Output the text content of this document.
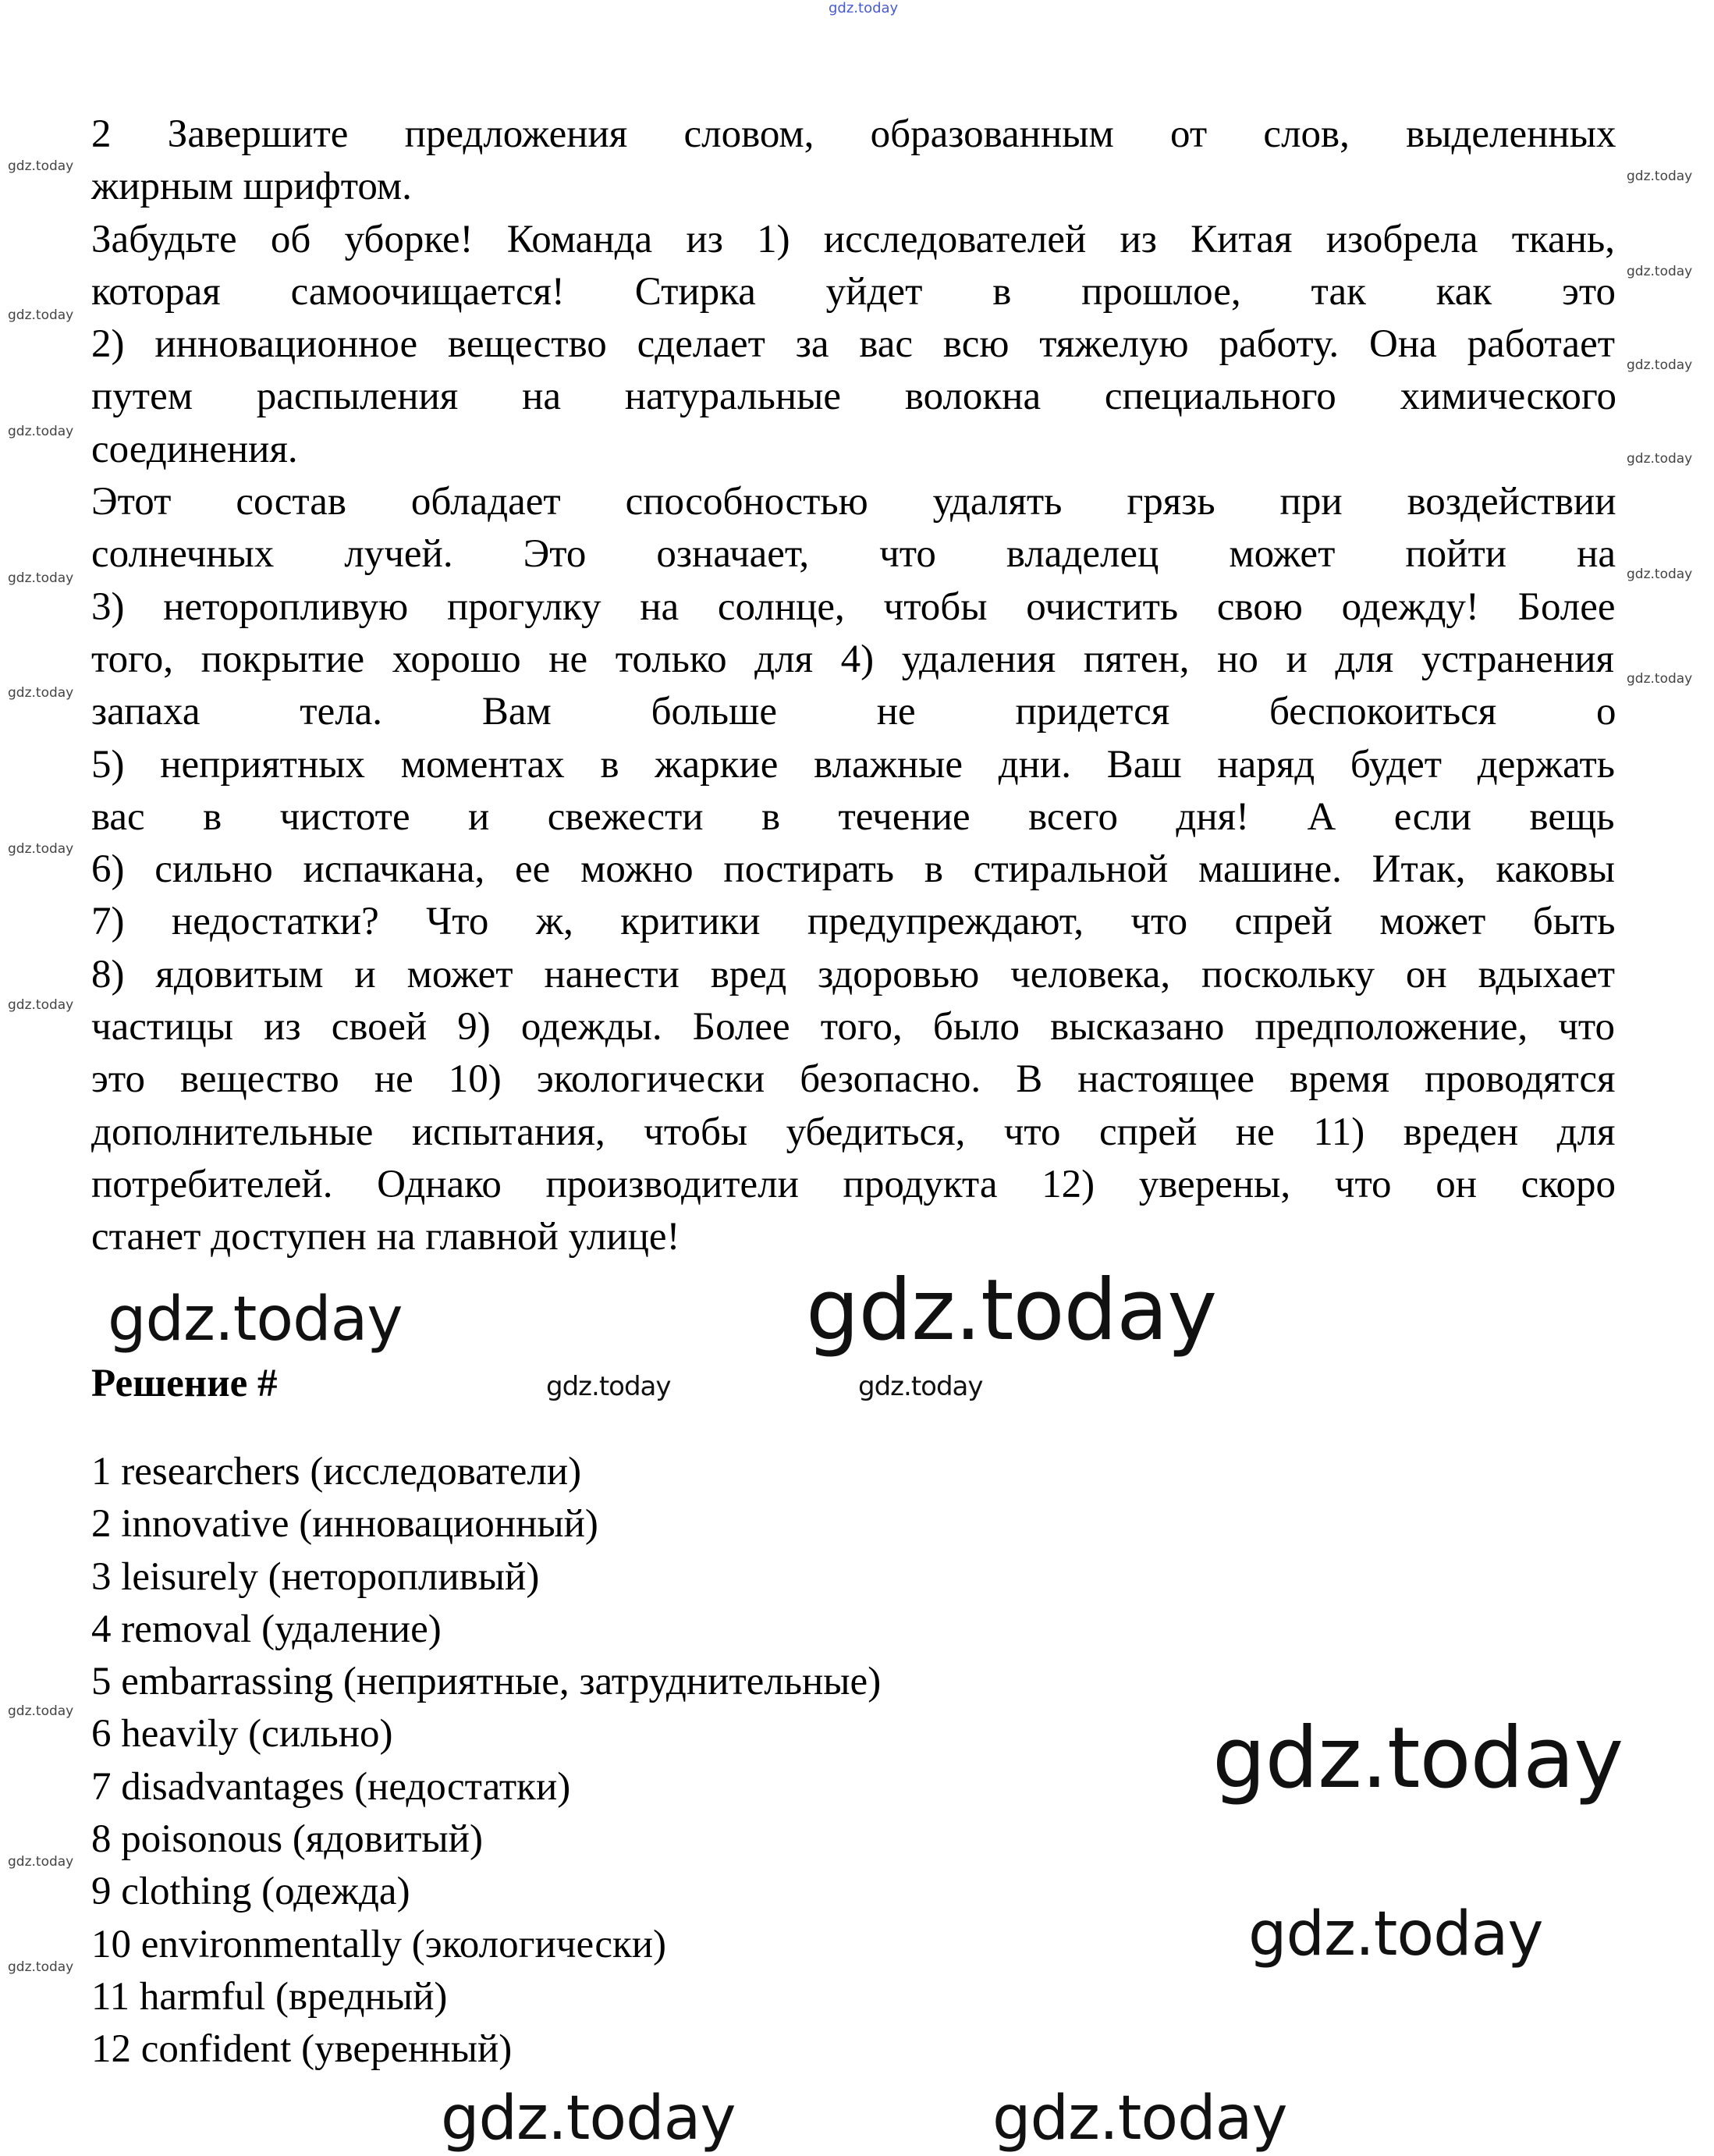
gdz.today
2 Завершите предложения словом, образованным от слов, выделенных
жирным шрифтом.
Забудьте об уборке! Команда из 1) исследователей из Китая изобрела ткань,
которая самоочищается! Стирка уйдет в прошлое, так как это
2) инновационное вещество сделает за вас всю тяжелую работу. Она работает
путем распыления на натуральные волокна специального химического
соединения.
Этот состав обладает способностью удалять грязь при воздействии
солнечных лучей. Это означает, что владелец может пойти на
3) неторопливую прогулку на солнце, чтобы очистить свою одежду! Более
того, покрытие хорошо не только для 4) удаления пятен, но и для устранения
запаха тела. Вам больше не придется беспокоиться о
5) неприятных моментах в жаркие влажные дни. Ваш наряд будет держать
вас в чистоте и свежести в течение всего дня! А если вещь
6) сильно испачкана, ее можно постирать в стиральной машине. Итак, каковы
7) недостатки? Что ж, критики предупреждают, что спрей может быть
8) ядовитым и может нанести вред здоровью человека, поскольку он вдыхает
частицы из своей 9) одежды. Более того, было высказано предположение, что
это вещество не 10) экологически безопасно. В настоящее время проводятся
дополнительные испытания, чтобы убедиться, что спрей не 11) вреден для
потребителей. Однако производители продукта 12) уверены, что он скоро
станет доступен на главной улице!
Решение #
1 researchers (исследователи)
2 innovative (инновационный)
3 leisurely (неторопливый)
4 removal (удаление)
5 embarrassing (неприятные, затруднительные)
6 heavily (сильно)
7 disadvantages (недостатки)
8 poisonous (ядовитый)
9 clothing (одежда)
10 environmentally (экологически)
11 harmful (вредный)
12 confident (уверенный)
gdz.today
gdz.today
gdz.today
gdz.today
gdz.today	gdz.today
gdz.today	gdz.today
gdz.today
gdz.today
gdz.today
gdz.today
gdz.today
gdz.today
gdz.today
gdz.today
gdz.today
gdz.today
gdz.today
gdz.today
gdz.today
gdz.today
gdz.today
gdz.today
